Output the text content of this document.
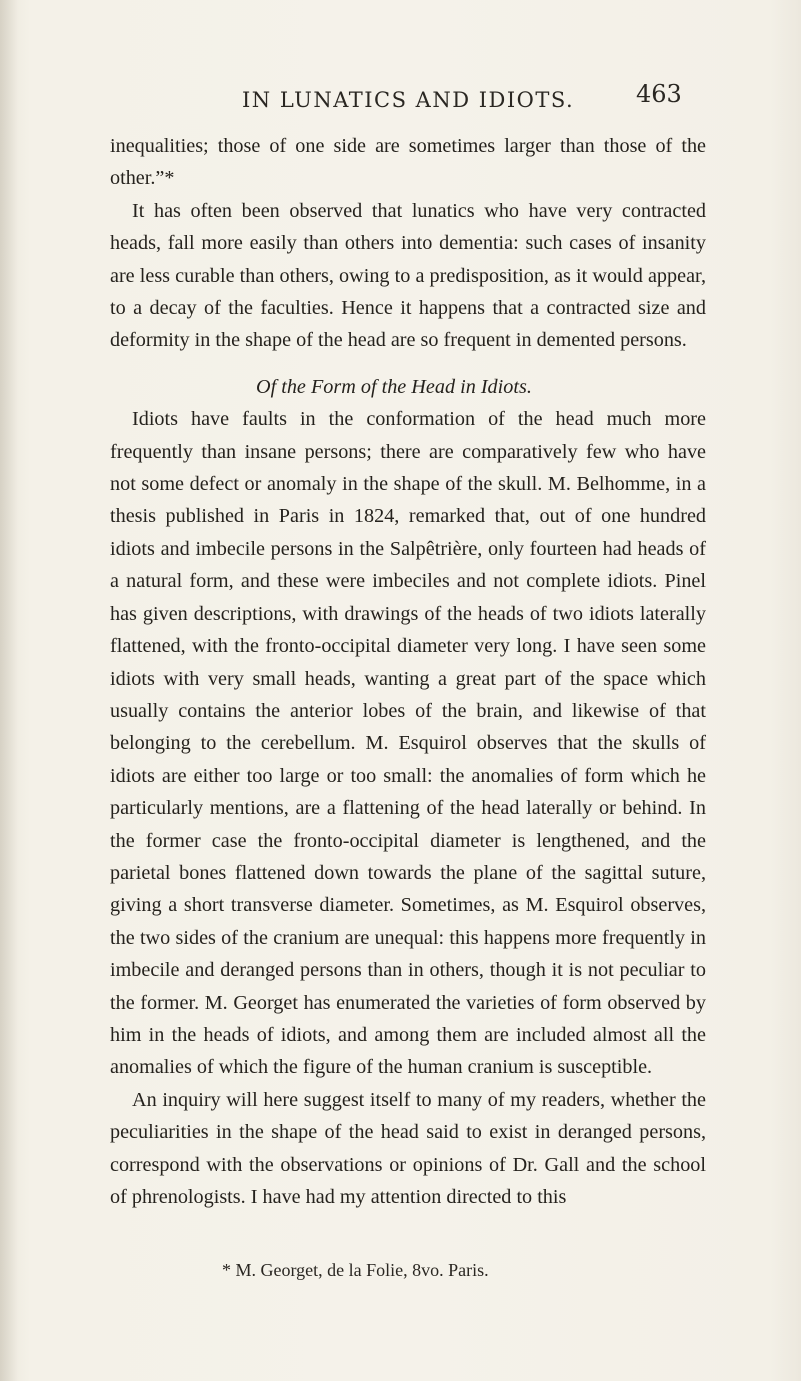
IN LUNATICS AND IDIOTS.	463

inequalities; those of one side are sometimes larger than those of the other.”*

It has often been observed that lunatics who have very contracted heads, fall more easily than others into dementia: such cases of insanity are less curable than others, owing to a predisposition, as it would appear, to a decay of the faculties. Hence it happens that a contracted size and deformity in the shape of the head are so frequent in demented persons.

Of the Form of the Head in Idiots.

Idiots have faults in the conformation of the head much more frequently than insane persons; there are comparatively few who have not some defect or anomaly in the shape of the skull. M. Belhomme, in a thesis published in Paris in 1824, remarked that, out of one hundred idiots and imbecile persons in the Salpêtrière, only fourteen had heads of a natural form, and these were imbeciles and not complete idiots. Pinel has given descriptions, with drawings of the heads of two idiots laterally flattened, with the fronto-occipital diameter very long. I have seen some idiots with very small heads, wanting a great part of the space which usually contains the anterior lobes of the brain, and likewise of that belonging to the cerebellum. M. Esquirol observes that the skulls of idiots are either too large or too small: the anomalies of form which he particularly mentions, are a flattening of the head laterally or behind. In the former case the fronto-occipital diameter is lengthened, and the parietal bones flattened down towards the plane of the sagittal suture, giving a short transverse diameter. Sometimes, as M. Esquirol observes, the two sides of the cranium are unequal: this happens more frequently in imbecile and deranged persons than in others, though it is not peculiar to the former. M. Georget has enumerated the varieties of form observed by him in the heads of idiots, and among them are included almost all the anomalies of which the figure of the human cranium is susceptible.

An inquiry will here suggest itself to many of my readers, whether the peculiarities in the shape of the head said to exist in deranged persons, correspond with the observations or opinions of Dr. Gall and the school of phrenologists. I have had my attention directed to this

* M. Georget, de la Folie, 8vo. Paris.
